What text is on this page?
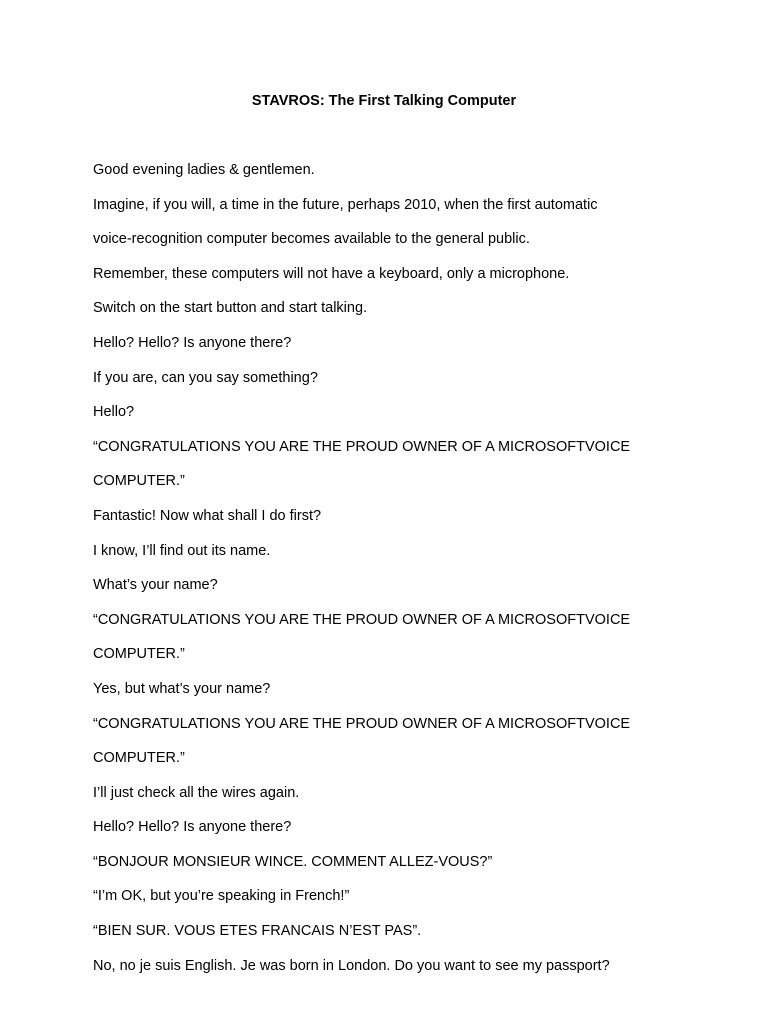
STAVROS: The First Talking Computer
Good evening ladies & gentlemen.
Imagine, if you will, a time in the future, perhaps 2010, when the first automatic
voice-recognition computer becomes available to the general public.
Remember, these computers will not have a keyboard, only a microphone.
Switch on the start button and start talking.
Hello? Hello? Is anyone there?
If you are, can you say something?
Hello?
“CONGRATULATIONS YOU ARE THE PROUD OWNER OF A MICROSOFTVOICE
COMPUTER.”
Fantastic! Now what shall I do first?
I know, I’ll find out its name.
What’s your name?
“CONGRATULATIONS YOU ARE THE PROUD OWNER OF A MICROSOFTVOICE
COMPUTER.”
Yes, but what’s your name?
“CONGRATULATIONS YOU ARE THE PROUD OWNER OF A MICROSOFTVOICE
COMPUTER.”
I’ll just check all the wires again.
Hello? Hello? Is anyone there?
“BONJOUR MONSIEUR WINCE. COMMENT ALLEZ-VOUS?”
“I’m OK, but you’re speaking in French!”
“BIEN SUR. VOUS ETES FRANCAIS N’EST PAS”.
No, no je suis English. Je was born in London. Do you want to see my passport?
